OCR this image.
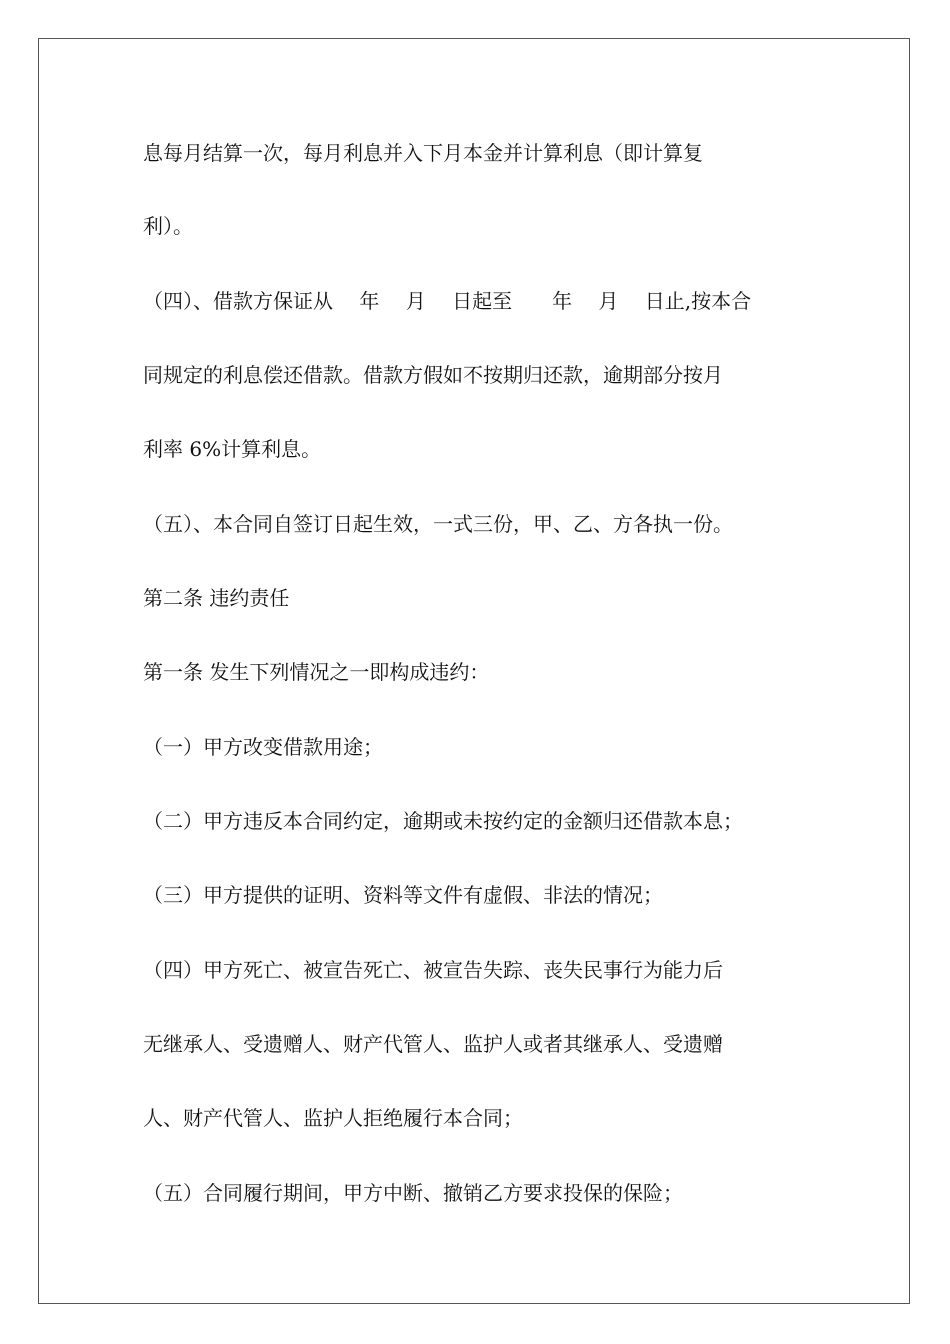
息每月结算一次，每月利息并入下月本金并计算利息（即计算复

利）。

（四）、借款方保证从　 年　 月　 日起至　　年　 月　 日止,按本合

同规定的利息偿还借款。借款方假如不按期归还款，逾期部分按月

利率 6%计算利息。

（五）、本合同自签订日起生效，一式三份，甲、乙、方各执一份。

第二条 违约责任

第一条 发生下列情况之一即构成违约：

（一）甲方改变借款用途；

（二）甲方违反本合同约定，逾期或未按约定的金额归还借款本息；

（三）甲方提供的证明、资料等文件有虚假、非法的情况；

（四）甲方死亡、被宣告死亡、被宣告失踪、丧失民事行为能力后

无继承人、受遗赠人、财产代管人、监护人或者其继承人、受遗赠

人、财产代管人、监护人拒绝履行本合同；

（五）合同履行期间，甲方中断、撤销乙方要求投保的保险；
